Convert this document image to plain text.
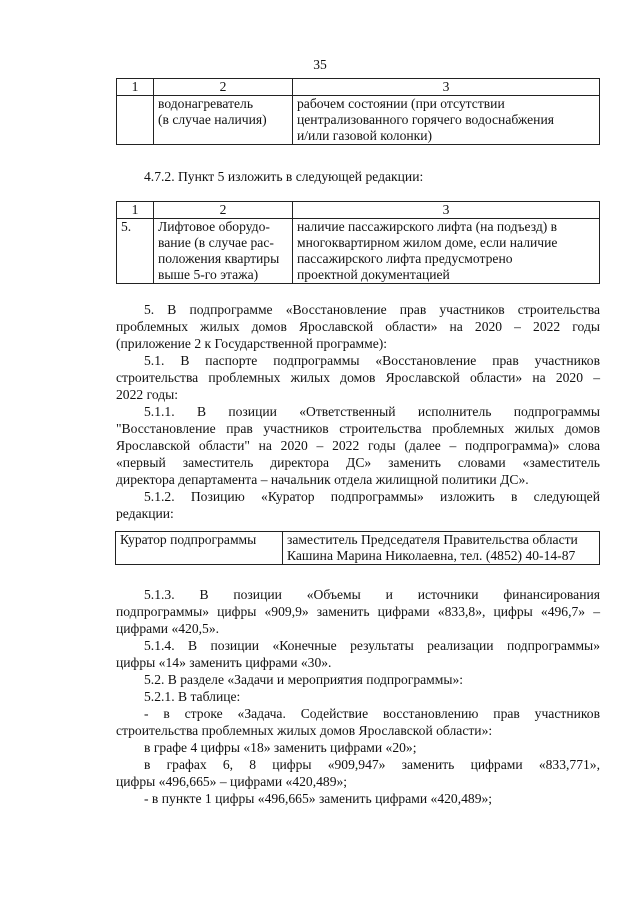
35
1	2	3

	водонагреватель
(в случае наличия)	рабочем состоянии (при отсутствии
централизованного горячего водоснабжения
и/или газовой колонки)
4.7.2. Пункт 5 изложить в следующей редакции:
1	2	3
5.	Лифтовое оборудо-
вание (в случае рас-
положения квартиры
выше 5-го этажа)	наличие пассажирского лифта (на подъезд) в
многоквартирном жилом доме, если наличие
пассажирского лифта предусмотрено
проектной документацией
5. В подпрограмме «Восстановление прав участников строительства
проблемных жилых домов Ярославской области» на 2020 – 2022 годы
(приложение 2 к Государственной программе):
5.1. В паспорте подпрограммы «Восстановление прав участников
строительства проблемных жилых домов Ярославской области» на 2020 –
2022 годы:
5.1.1. В позиции «Ответственный исполнитель подпрограммы
"Восстановление прав участников строительства проблемных жилых домов
Ярославской области" на 2020 – 2022 годы (далее – подпрограмма)» слова
«первый заместитель директора ДС» заменить словами «заместитель
директора департамента – начальник отдела жилищной политики ДС».
5.1.2. Позицию «Куратор подпрограммы» изложить в следующей
редакции:
Куратор подпрограммы	заместитель Председателя Правительства области
Кашина Марина Николаевна, тел. (4852) 40-14-87
5.1.3. В позиции «Объемы и источники финансирования
подпрограммы» цифры «909,9» заменить цифрами «833,8», цифры «496,7» –
цифрами «420,5».
5.1.4. В позиции «Конечные результаты реализации подпрограммы»
цифры «14» заменить цифрами «30».
5.2. В разделе «Задачи и мероприятия подпрограммы»:
5.2.1. В таблице:
- в строке «Задача. Содействие восстановлению прав участников
строительства проблемных жилых домов Ярославской области»:
в графе 4 цифры «18» заменить цифрами «20»;
в графах 6, 8 цифры «909,947» заменить цифрами «833,771»,
цифры «496,665» – цифрами «420,489»;
- в пункте 1 цифры «496,665» заменить цифрами «420,489»;
